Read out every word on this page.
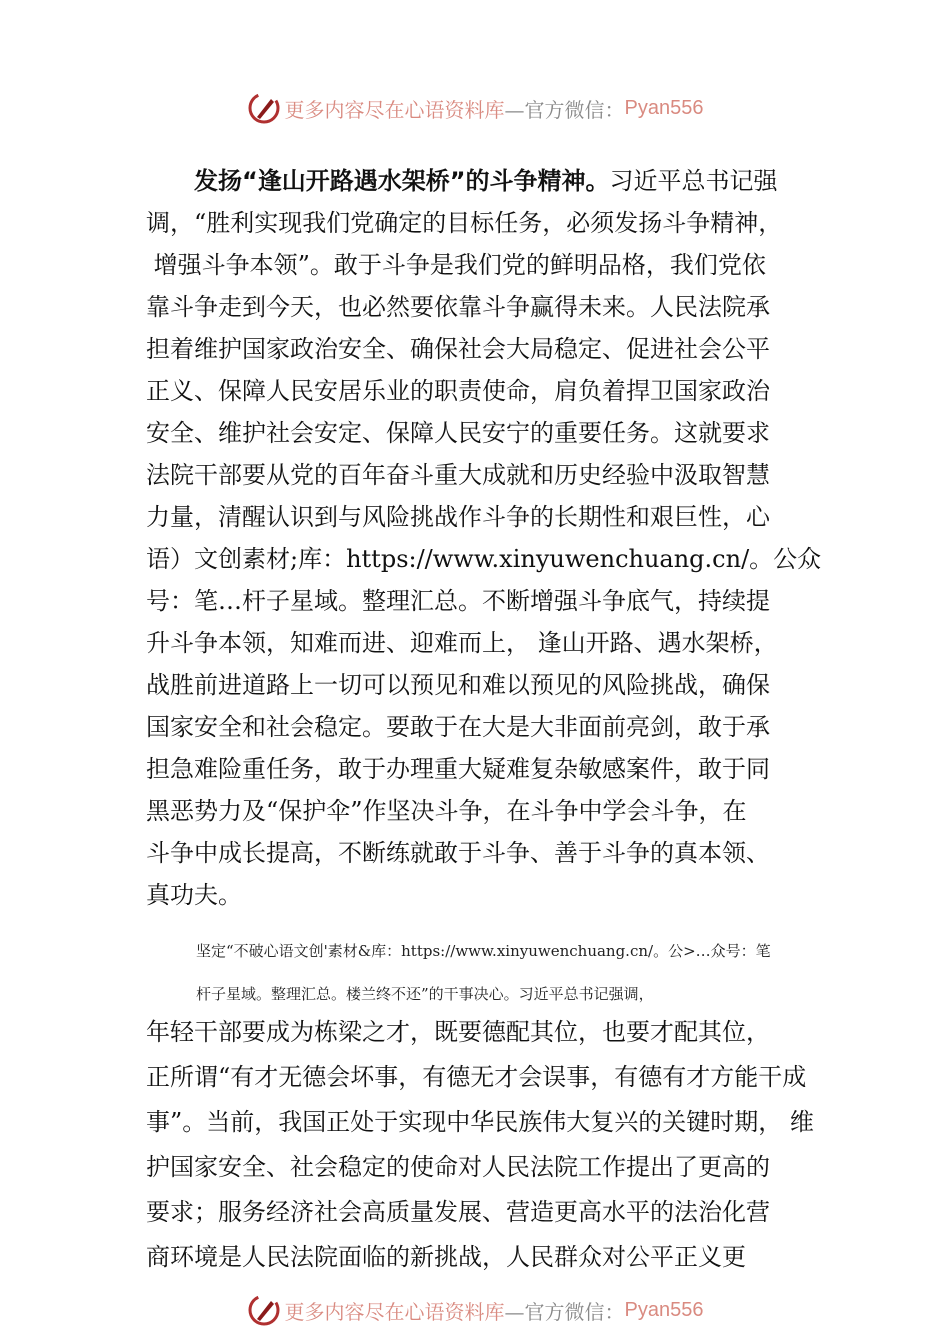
更多内容尽在心语资料库 —官方微信： Pyan556
发扬“逢山开路遇水架桥”的斗争精神。习近平总书记强
调，“胜利实现我们党确定的目标任务，必须发扬斗争精神，
增强斗争本领”。敢于斗争是我们党的鲜明品格，我们党依
靠斗争走到今天，也必然要依靠斗争赢得未来。人民法院承
担着维护国家政治安全、确保社会大局稳定、促进社会公平
正义、保障人民安居乐业的职责使命，肩负着捍卫国家政治
安全、维护社会安定、保障人民安宁的重要任务。这就要求
法院干部要从党的百年奋斗重大成就和历史经验中汲取智慧
力量，清醒认识到与风险挑战作斗争的长期性和艰巨性，心
语）文创素材;库：https://www.xinyuwenchuang.cn/。公众
号：笔…杆子星域。整理汇总。不断增强斗争底气，持续提
升斗争本领，知难而进、迎难而上， 逢山开路、遇水架桥，
战胜前进道路上一切可以预见和难以预见的风险挑战，确保
国家安全和社会稳定。要敢于在大是大非面前亮剑，敢于承
担急难险重任务，敢于办理重大疑难复杂敏感案件，敢于同
黑恶势力及“保护伞”作坚决斗争，在斗争中学会斗争，在
斗争中成长提高，不断练就敢于斗争、善于斗争的真本领、
真功夫。
坚定“不破心语文创'素材&库：https://www.xinyuwenchuang.cn/。公>…众号：笔
杆子星域。整理汇总。楼兰终不还”的干事决心。习近平总书记强调，
年轻干部要成为栋梁之才，既要德配其位，也要才配其位，
正所谓“有才无德会坏事，有德无才会误事，有德有才方能干成
事”。当前，我国正处于实现中华民族伟大复兴的关键时期， 维
护国家安全、社会稳定的使命对人民法院工作提出了更高的
要求；服务经济社会高质量发展、营造更高水平的法治化营
商环境是人民法院面临的新挑战，人民群众对公平正义更
更多内容尽在心语资料库 —官方微信： Pyan556
